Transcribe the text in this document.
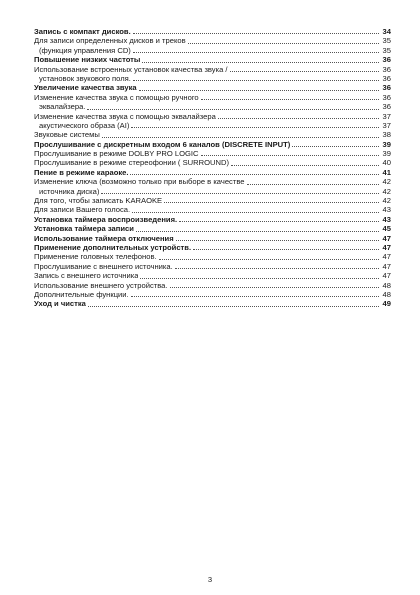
Запись с компакт дисков.	34
Для записи определенных дисков и треков	35
(функция управления CD)	35
Повышение низких частоты	36
Использование встроенных установок качества звука /	36
установок звукового поля.	36
Увеличение качества звука	36
Изменение качества звука с помощью ручного	36
эквалайзера.	36
Изменение качества звука с помощью эквалайзера	37
акустического образа (AI)	37
Звуковые системы	38
Прослушивание с дискретным входом 6 каналов (DISCRETE INPUT)	39
Прослушивание в режиме DOLBY PRO LOGIC	39
Прослушивание в режиме стереофонии ( SURROUND)	40
Пение в режиме караоке.	41
Изменение ключа (возможно только при выборе в качестве	42
источника диска)	42
Для того, чтобы записать KARAOKE	42
Для записи Вашего голоса.	43
Установка таймера воспроизведения.	43
Установка таймера записи	45
Использование таймера отключения	47
Применение дополнительных устройств.	47
Применение головных телефонов.	47
Прослушивание с внешнего источника.	47
Запись с внешнего источника	47
Использование внешнего устройства.	48
Дополнительные функции.	48
Уход и чистка	49
3
